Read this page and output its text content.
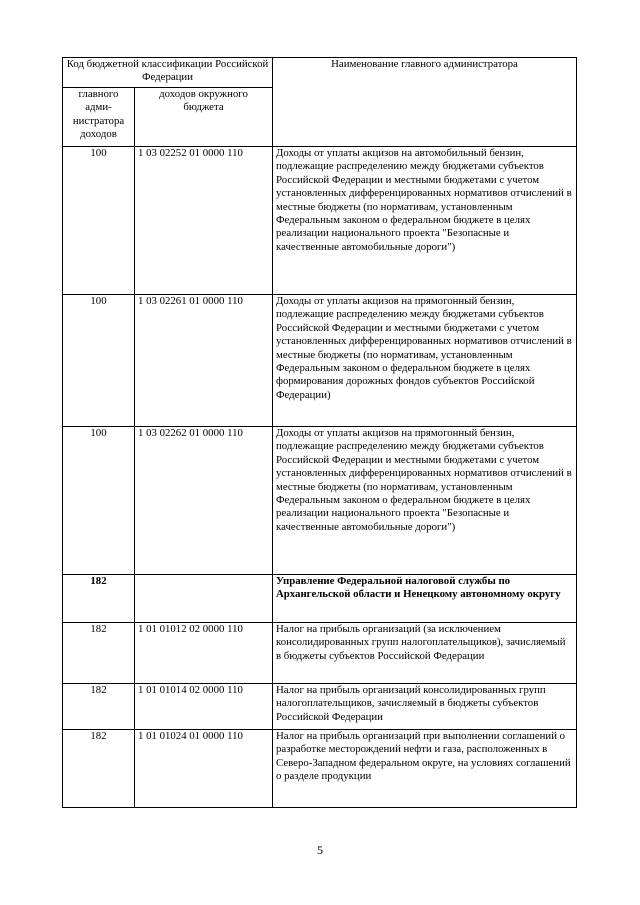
Код бюджетной классификации Российской Федерации		Наименование главного администратора
главного адми-нистратора доходов	доходов окружного бюджета	
100	1 03 02252 01 0000 110	Доходы от уплаты акцизов на автомобильный бензин, подлежащие распределению между бюджетами субъектов Российской Федерации и местными бюджетами с учетом установленных дифференцированных нормативов отчислений в местные бюджеты (по нормативам, установленным Федеральным законом о федеральном бюджете в целях реализации национального проекта "Безопасные и качественные автомобильные дороги")
100	1 03 02261 01 0000 110	Доходы от уплаты акцизов на прямогонный бензин, подлежащие распределению между бюджетами субъектов Российской Федерации и местными бюджетами с учетом установленных дифференцированных нормативов отчислений в местные бюджеты (по нормативам, установленным Федеральным законом о федеральном бюджете в целях формирования дорожных фондов субъектов Российской Федерации)
100	1 03 02262 01 0000 110	Доходы от уплаты акцизов на прямогонный бензин, подлежащие распределению между бюджетами субъектов Российской Федерации и местными бюджетами с учетом установленных дифференцированных нормативов отчислений в местные бюджеты (по нормативам, установленным Федеральным законом о федеральном бюджете в целях реализации национального проекта "Безопасные и качественные автомобильные дороги")
182		Управление Федеральной налоговой службы по Архангельской области и Ненецкому автономному округу
182	1 01 01012 02 0000 110	Налог на прибыль организаций (за исключением консолидированных групп налогоплательщиков), зачисляемый в бюджеты субъектов Российской Федерации
182	1 01 01014 02 0000 110	Налог на прибыль организаций консолидированных групп налогоплательщиков, зачисляемый в бюджеты субъектов Российской Федерации
182	1 01 01024 01 0000 110	Налог на прибыль организаций при выполнении соглашений о разработке месторождений нефти и газа, расположенных в Северо-Западном федеральном округе, на условиях соглашений о разделе продукции
5
